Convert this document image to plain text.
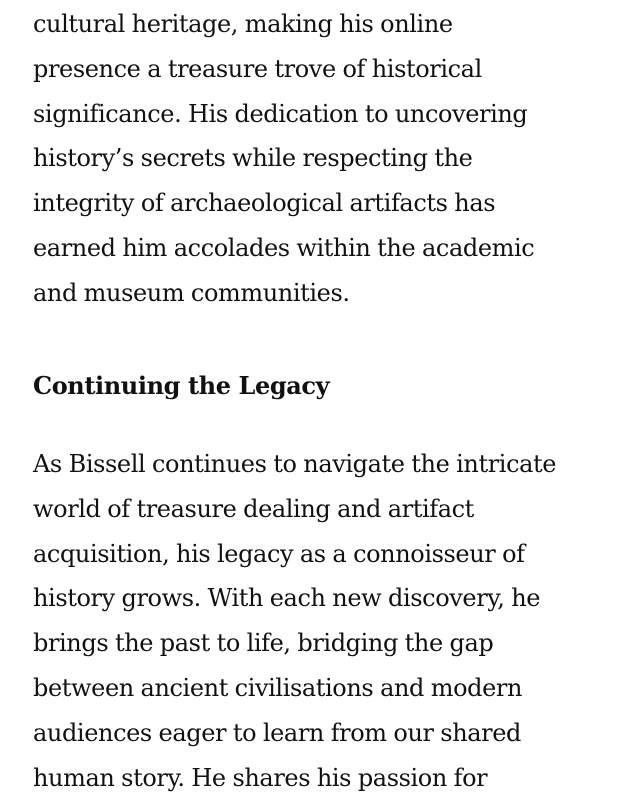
cultural heritage, making his online
presence a treasure trove of historical
significance. His dedication to uncovering
history’s secrets while respecting the
integrity of archaeological artifacts has
earned him accolades within the academic
and museum communities.

Continuing the Legacy

As Bissell continues to navigate the intricate
world of treasure dealing and artifact
acquisition, his legacy as a connoisseur of
history grows. With each new discovery, he
brings the past to life, bridging the gap
between ancient civilisations and modern
audiences eager to learn from our shared
human story. He shares his passion for
